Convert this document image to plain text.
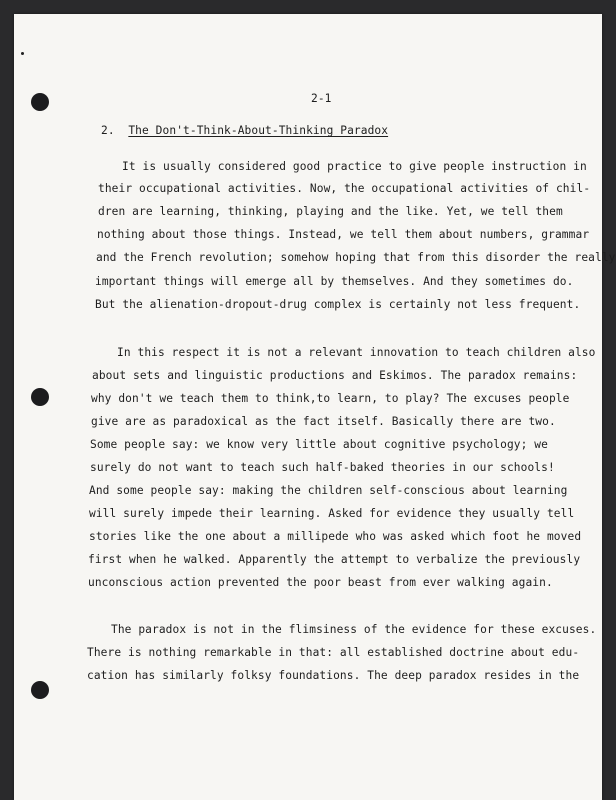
2-1
2. The Don't-Think-About-Thinking Paradox
It is usually considered good practice to give people instruction in
their occupational activities. Now, the occupational activities of chil-
dren are learning, thinking, playing and the like. Yet, we tell them
nothing about those things. Instead, we tell them about numbers, grammar
and the French revolution; somehow hoping that from this disorder the really
important things will emerge all by themselves. And they sometimes do.
But the alienation-dropout-drug complex is certainly not less frequent.
In this respect it is not a relevant innovation to teach children also
about sets and linguistic productions and Eskimos. The paradox remains:
why don't we teach them to think,to learn, to play? The excuses people
give are as paradoxical as the fact itself. Basically there are two.
Some people say: we know very little about cognitive psychology; we
surely do not want to teach such half-baked theories in our schools!
And some people say: making the children self-conscious about learning
will surely impede their learning. Asked for evidence they usually tell
stories like the one about a millipede who was asked which foot he moved
first when he walked. Apparently the attempt to verbalize the previously
unconscious action prevented the poor beast from ever walking again.
The paradox is not in the flimsiness of the evidence for these excuses.
There is nothing remarkable in that: all established doctrine about edu-
cation has similarly folksy foundations. The deep paradox resides in the
